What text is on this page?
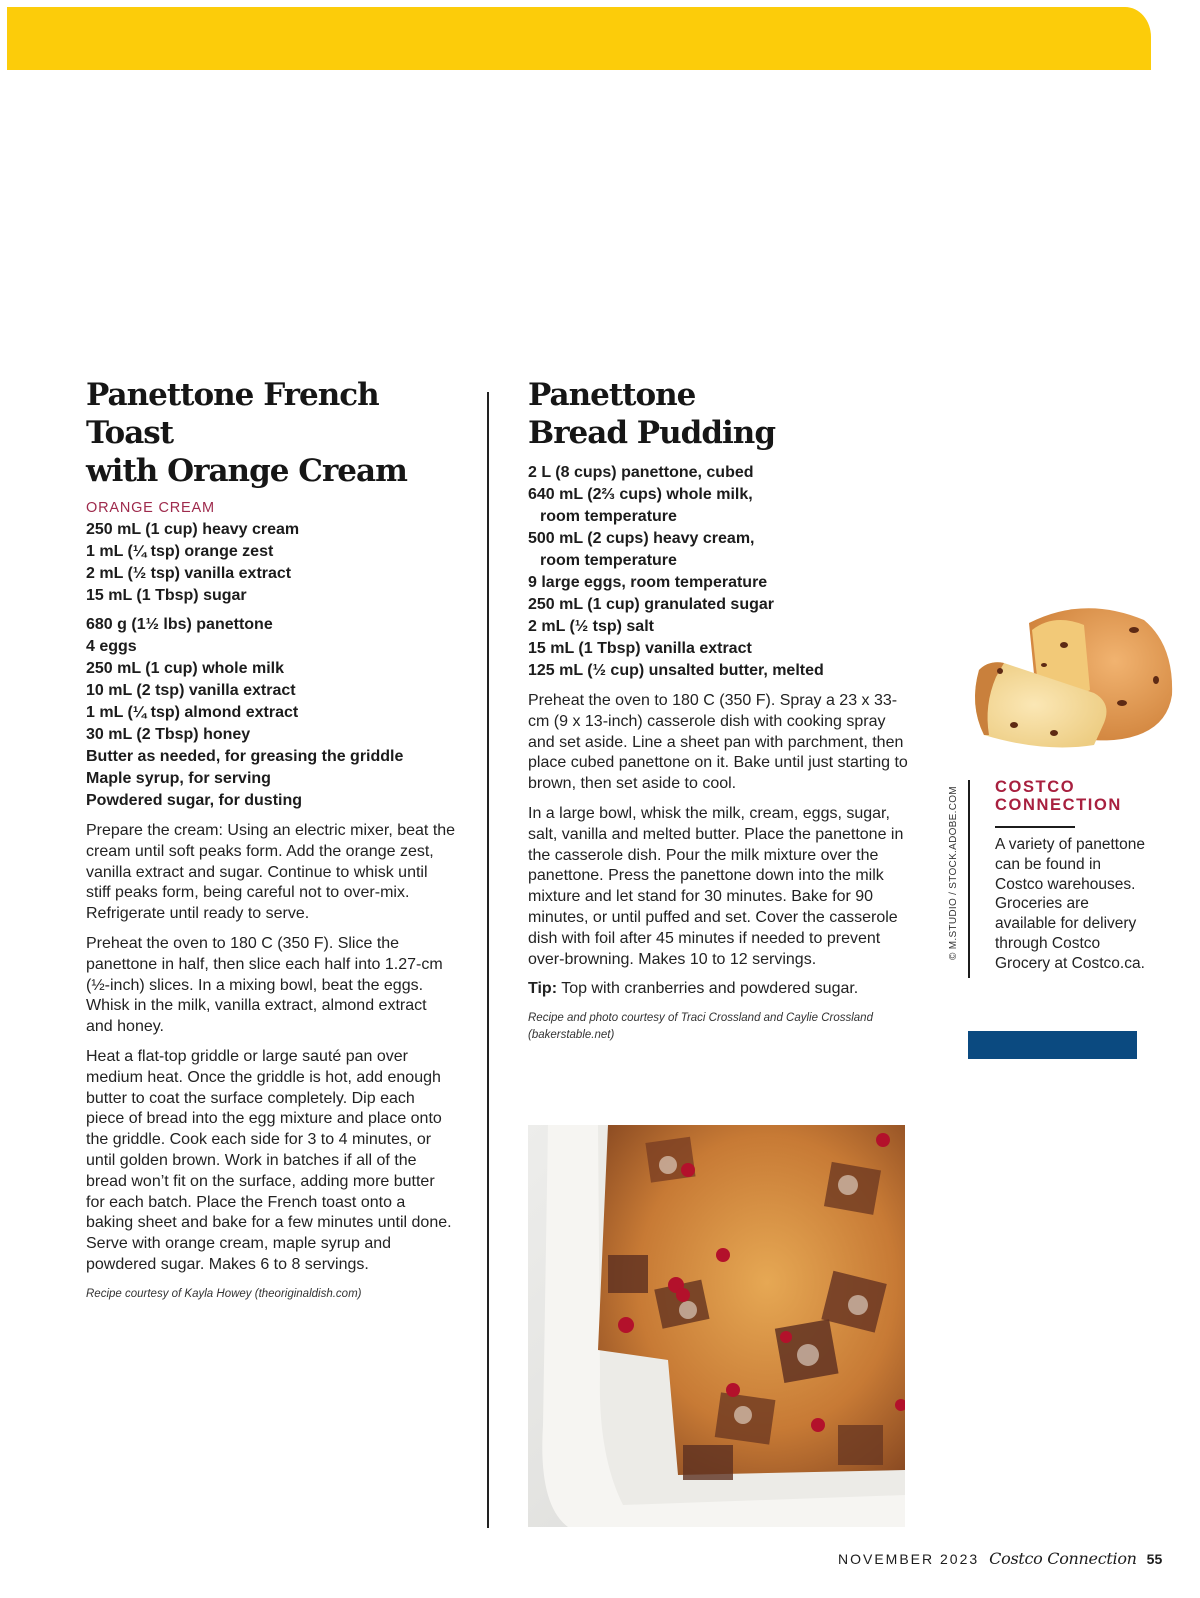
Panettone French Toast
with Orange Cream
ORANGE CREAM
250 mL (1 cup) heavy cream
1 mL (¼ tsp) orange zest
2 mL (½ tsp) vanilla extract
15 mL (1 Tbsp) sugar
680 g (1½ lbs) panettone
4 eggs
250 mL (1 cup) whole milk
10 mL (2 tsp) vanilla extract
1 mL (¼ tsp) almond extract
30 mL (2 Tbsp) honey
Butter as needed, for greasing the griddle
Maple syrup, for serving
Powdered sugar, for dusting

Prepare the cream: Using an electric mixer, beat the cream until soft peaks form. Add the orange zest, vanilla extract and sugar. Continue to whisk until stiff peaks form, being careful not to over-mix. Refrigerate until ready to serve.

Preheat the oven to 180 C (350 F). Slice the panettone in half, then slice each half into 1.27-cm (½-inch) slices. In a mixing bowl, beat the eggs. Whisk in the milk, vanilla extract, almond extract and honey.

Heat a flat-top griddle or large sauté pan over medium heat. Once the griddle is hot, add enough butter to coat the surface completely. Dip each piece of bread into the egg mixture and place onto the griddle. Cook each side for 3 to 4 minutes, or until golden brown. Work in batches if all of the bread won’t fit on the surface, adding more butter for each batch. Place the French toast onto a baking sheet and bake for a few minutes until done. Serve with orange cream, maple syrup and powdered sugar. Makes 6 to 8 servings.

Recipe courtesy of Kayla Howey (theoriginaldish.com)
Panettone
Bread Pudding
2 L (8 cups) panettone, cubed
640 mL (2⅔ cups) whole milk,
room temperature
500 mL (2 cups) heavy cream,
room temperature
9 large eggs, room temperature
250 mL (1 cup) granulated sugar
2 mL (½ tsp) salt
15 mL (1 Tbsp) vanilla extract
125 mL (½ cup) unsalted butter, melted

Preheat the oven to 180 C (350 F). Spray a 23 x 33-cm (9 x 13-inch) casserole dish with cooking spray and set aside. Line a sheet pan with parchment, then place cubed panettone on it. Bake until just starting to brown, then set aside to cool.

In a large bowl, whisk the milk, cream, eggs, sugar, salt, vanilla and melted butter. Place the panettone in the casserole dish. Pour the milk mixture over the panettone. Press the panettone down into the milk mixture and let stand for 30 minutes. Bake for 90 minutes, or until puffed and set. Cover the casserole dish with foil after 45 minutes if needed to prevent over-browning. Makes 10 to 12 servings.

Tip: Top with cranberries and powdered sugar.

Recipe and photo courtesy of Traci Crossland and Caylie Crossland (bakerstable.net)
© M.STUDIO / STOCK.ADOBE.COM COSTCO
CONNECTION

A variety of panettone can be found in Costco warehouses. Groceries are available for delivery through Costco Grocery at Costco.ca.

NOVEMBER 2023 Costco Connection 55
